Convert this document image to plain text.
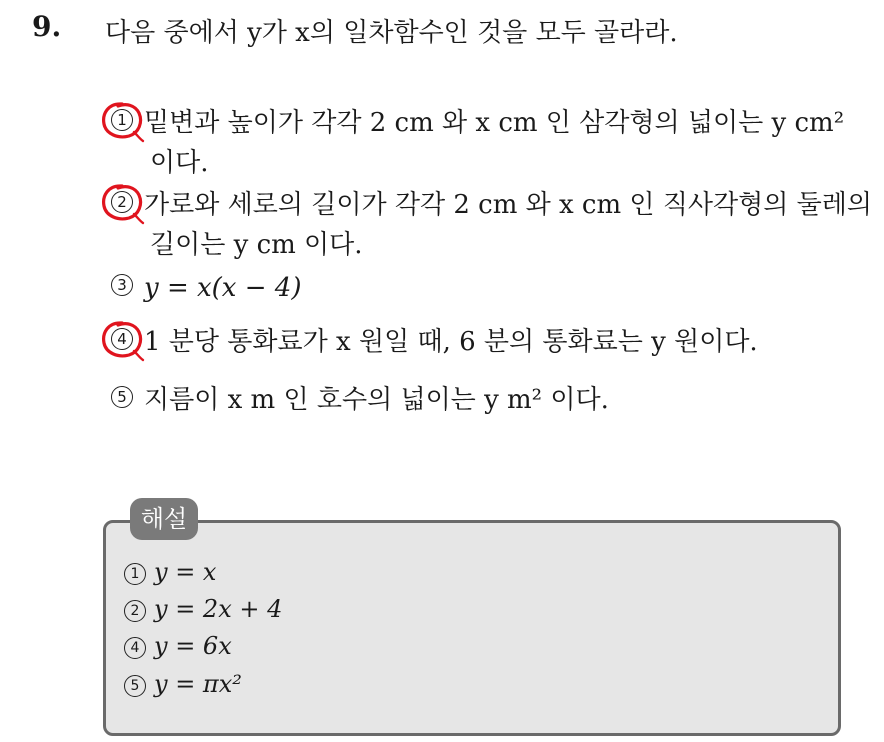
9. 다음 중에서 y가 x의 일차함수인 것을 모두 골라라.
1 밑변과 높이가 각각 2 cm 와 x cm 인 삼각형의 넓이는 y cm²
이다.
2 가로와 세로의 길이가 각각 2 cm 와 x cm 인 직사각형의 둘레의
길이는 y cm 이다.
3 y = x(x − 4)
4 1 분당 통화료가 x 원일 때, 6 분의 통화료는 y 원이다.
5 지름이 x m 인 호수의 넓이는 y m² 이다.
해설
1 y = x
2 y = 2x + 4
4 y = 6x
5 y = πx²
